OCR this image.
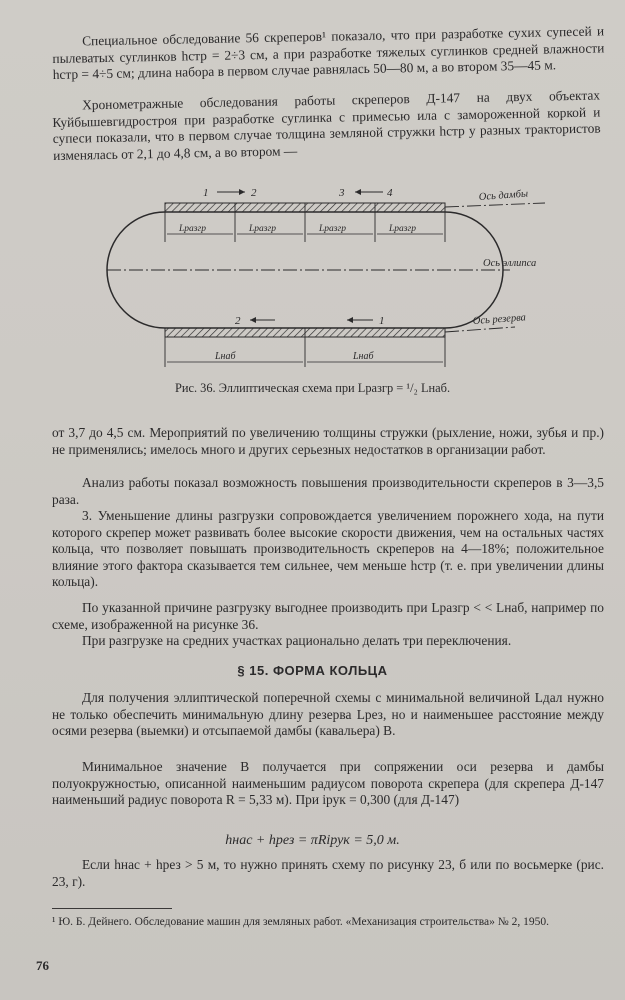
Специальное обследование 56 скреперов¹ показало, что при разработке сухих супесей и пылеватых суглинков hстр = 2÷3 см, а при разработке тяжелых суглинков средней влажности hстр = 4÷5 см; длина набора в первом случае равнялась 50—80 м, а во втором 35—45 м.

Хронометражные обследования работы скреперов Д-147 на двух объектах Куйбышевгидростроя при разработке суглинка с примесью ила с заморожeнной коркой и супеси показали, что в первом случае толщина земляной стружки hстр у разных трактористов изменялась от 2,1 до 4,8 см, а во втором —

1	2	3	4
2	1
Lразгр	Lразгр	Lразгр	Lразгр
Lнаб	Lнаб
Ось дамбы
Ось эллипса
Ось резерва
Рис. 36. Эллиптическая схема при Lразгр = ¹/₂ Lнаб.

от 3,7 до 4,5 см. Мероприятий по увеличению толщины стружки (рыхление, ножи, зубья и пр.) не применялись; имелось много и других серьезных недостатков в организации работ.

Анализ работы показал возможность повышения производительности скреперов в 3—3,5 раза.

3. Уменьшение длины разгрузки сопровождается увеличением порожнего хода, на пути которого скрепер может развивать более высокие скорости движения, чем на остальных частях кольца, что позволяет повышать производительность скреперов на 4—18%; положительное влияние этого фактора сказывается тем сильнее, чем меньше hстр (т. е. при увеличении длины кольца).

По указанной причине разгрузку выгоднее производить при Lразгр < < Lнаб, например по схеме, изображенной на рисунке 36.

При разгрузке на средних участках рационально делать три переключения.

§ 15. ФОРМА КОЛЬЦА

Для получения эллиптической поперечной схемы с минимальной величиной Lдал нужно не только обеспечить минимальную длину резерва Lрез, но и наименьшее расстояние между осями резерва (выемки) и отсыпаемой дамбы (кавальера) B.

Минимальное значение B получается при сопряжении оси резерва и дамбы полуокружностью, описанной наименьшим радиусом поворота скрепера (для скрепера Д-147 наименьший радиус поворота R = 5,33 м). При iрук = 0,300 (для Д-147)

hнас + hрез = πRiрук = 5,0 м.

Если hнас + hрез > 5 м, то нужно принять схему по рисунку 23, б или по восьмерке (рис. 23, г).

¹ Ю. Б. Дейнего. Обследование машин для земляных работ. «Механизация строительства» № 2, 1950.
76
